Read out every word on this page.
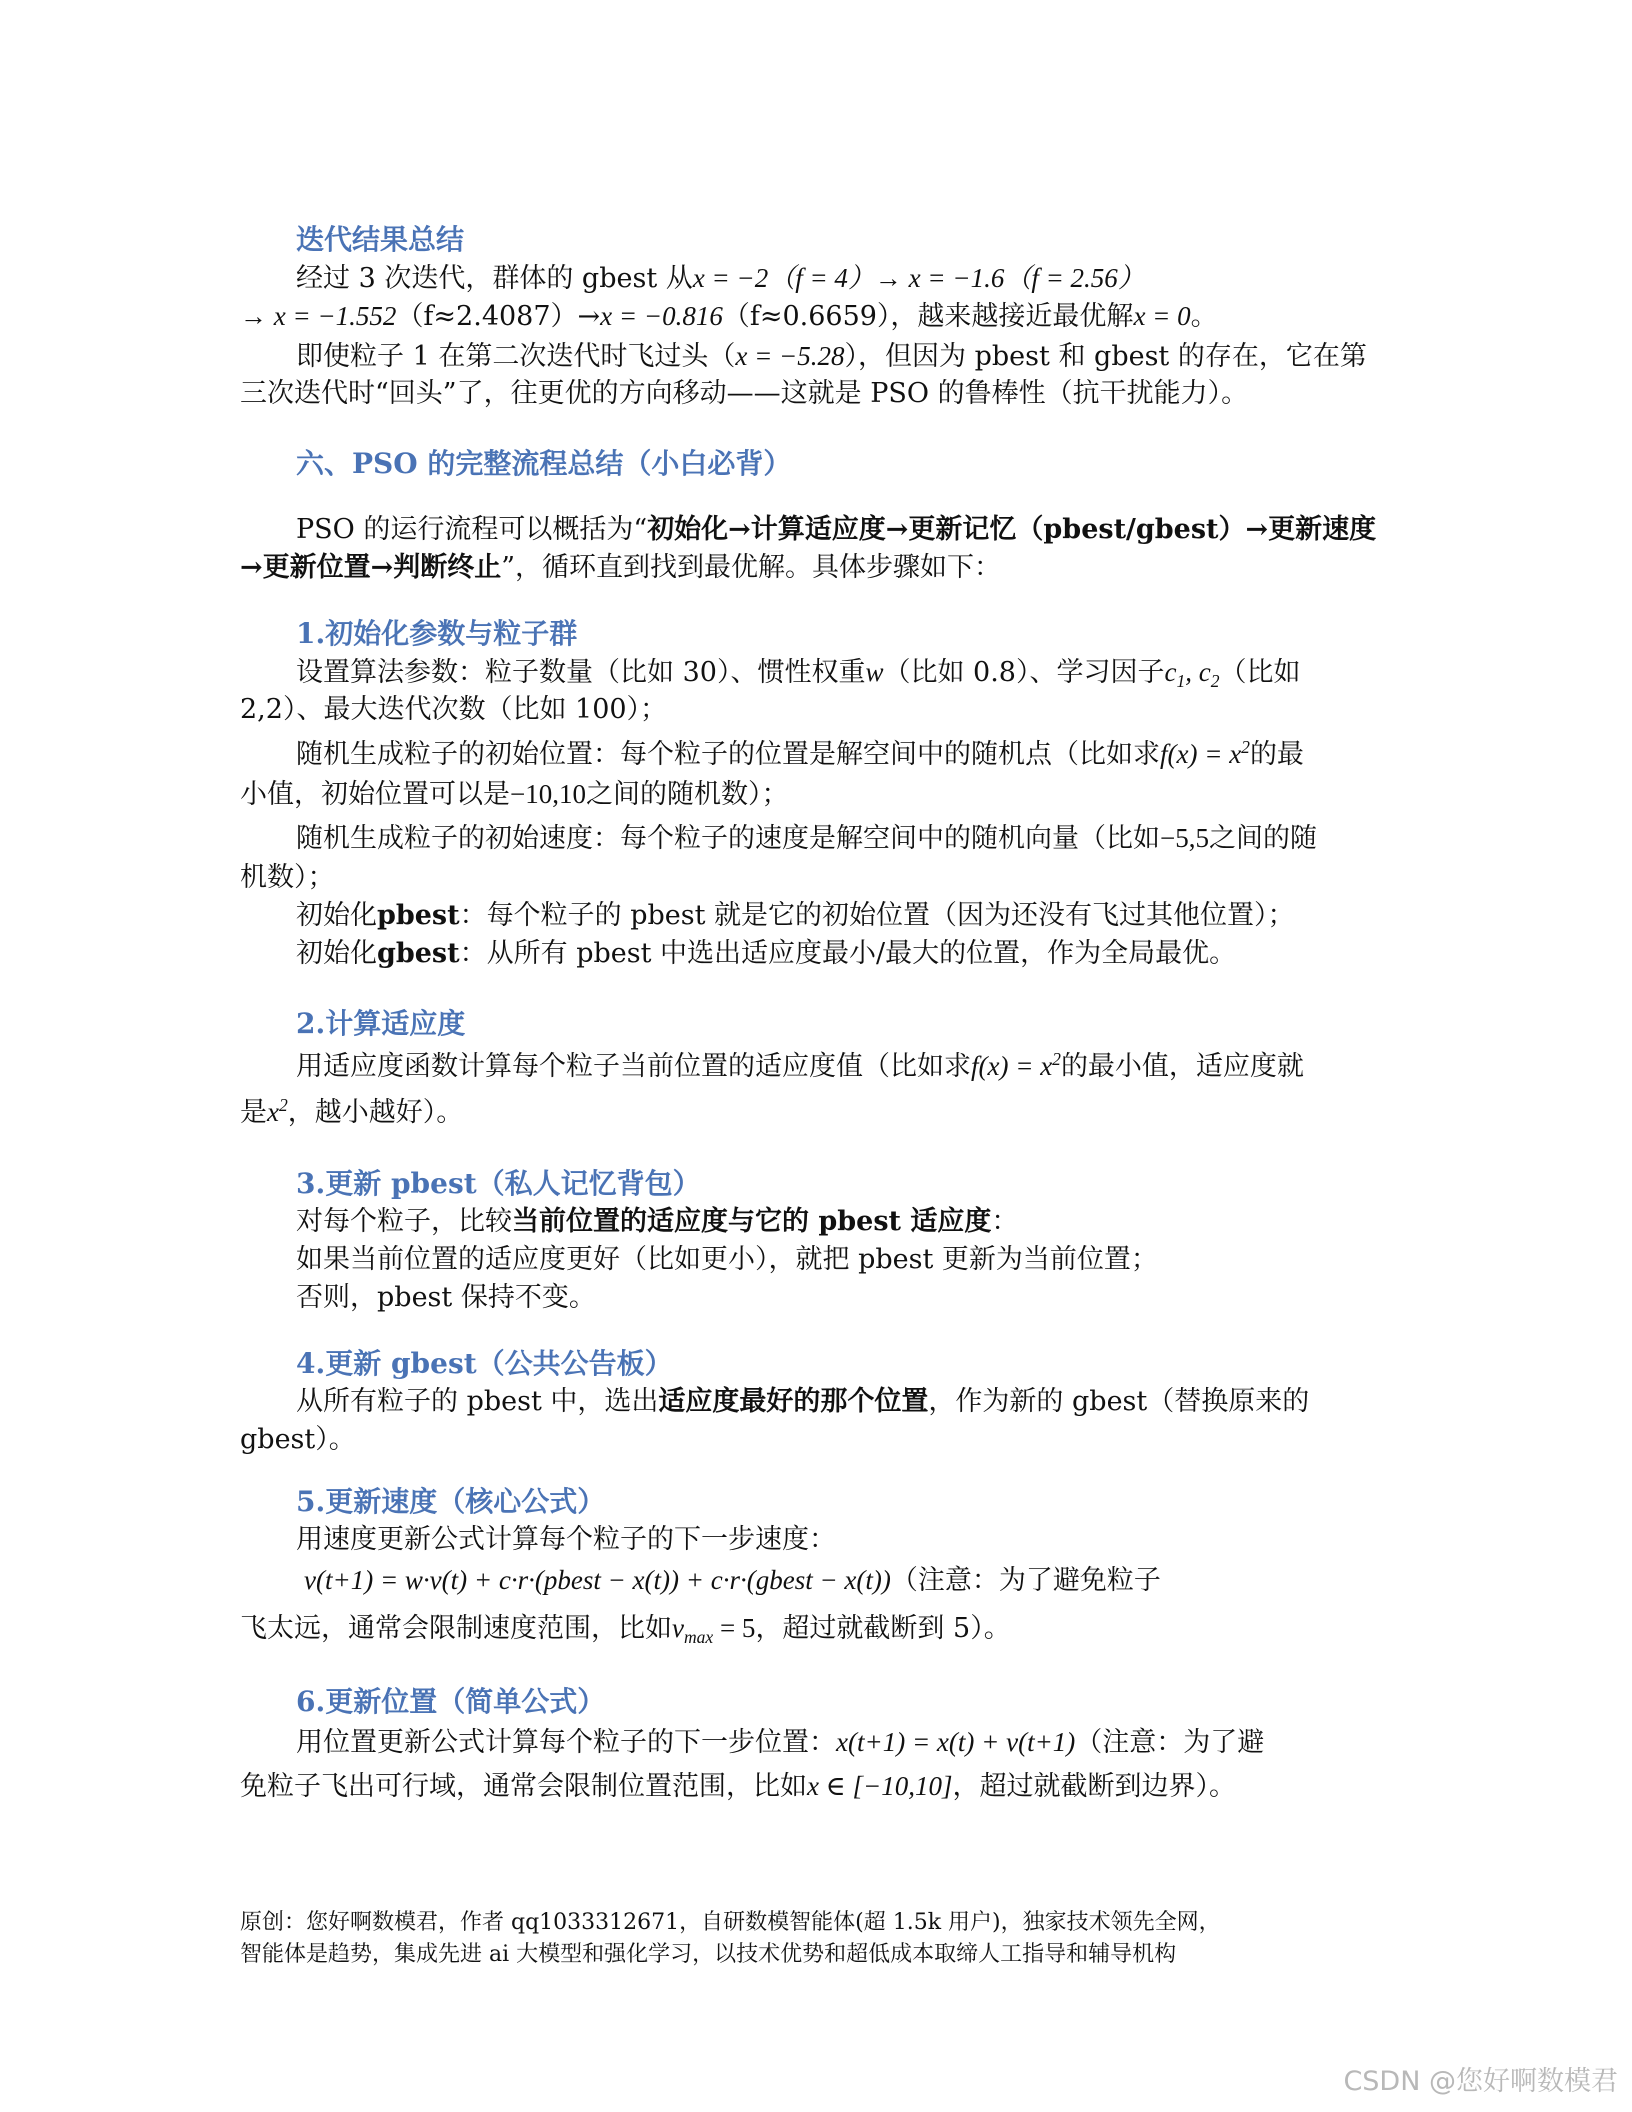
迭代结果总结
经过 3 次迭代，群体的 gbest 从x = −2（f = 4）→ x = −1.6（f = 2.56）
→ x = −1.552（f≈2.4087）→x = −0.816（f≈0.6659），越来越接近最优解x = 0。
即使粒子 1 在第二次迭代时飞过头（x = −5.28），但因为 pbest 和 gbest 的存在，它在第
三次迭代时“回头”了，往更优的方向移动——这就是 PSO 的鲁棒性（抗干扰能力）。
六、PSO 的完整流程总结（小白必背）
PSO 的运行流程可以概括为“初始化→计算适应度→更新记忆（pbest/gbest）→更新速度
→更新位置→判断终止”，循环直到找到最优解。具体步骤如下：
1.初始化参数与粒子群
设置算法参数：粒子数量（比如 30）、惯性权重w（比如 0.8）、学习因子$c_1$, $c_2$（比如
2,2）、最大迭代次数（比如 100）；
随机生成粒子的初始位置：每个粒子的位置是解空间中的随机点（比如求$f(x) = x^2$的最
小值，初始位置可以是−10,10之间的随机数）；
随机生成粒子的初始速度：每个粒子的速度是解空间中的随机向量（比如−5,5之间的随
机数）；
初始化pbest：每个粒子的 pbest 就是它的初始位置（因为还没有飞过其他位置）；
初始化gbest：从所有 pbest 中选出适应度最小/最大的位置，作为全局最优。
2.计算适应度
用适应度函数计算每个粒子当前位置的适应度值（比如求$f(x) = x^2$的最小值，适应度就
是$x^2$，越小越好）。
3.更新 pbest（私人记忆背包）
对每个粒子，比较当前位置的适应度与它的 pbest 适应度：
如果当前位置的适应度更好（比如更小），就把 pbest 更新为当前位置；
否则，pbest 保持不变。
4.更新 gbest（公共公告板）
从所有粒子的 pbest 中，选出适应度最好的那个位置，作为新的 gbest（替换原来的
gbest）。
5.更新速度（核心公式）
用速度更新公式计算每个粒子的下一步速度：
v(t+1) = w·v(t) + c·r·(pbest − x(t)) + c·r·(gbest − x(t))（注意：为了避免粒子
飞太远，通常会限制速度范围，比如$v_{max} = 5$，超过就截断到 5）。
6.更新位置（简单公式）
用位置更新公式计算每个粒子的下一步位置：x(t+1) = x(t) + v(t+1)（注意：为了避
免粒子飞出可行域，通常会限制位置范围，比如x ∈ [−10,10]，超过就截断到边界）。
原创：您好啊数模君，作者 qq1033312671，自研数模智能体(超 1.5k 用户)，独家技术领先全网，
智能体是趋势，集成先进 ai 大模型和强化学习，以技术优势和超低成本取缔人工指导和辅导机构
CSDN @您好啊数模君
